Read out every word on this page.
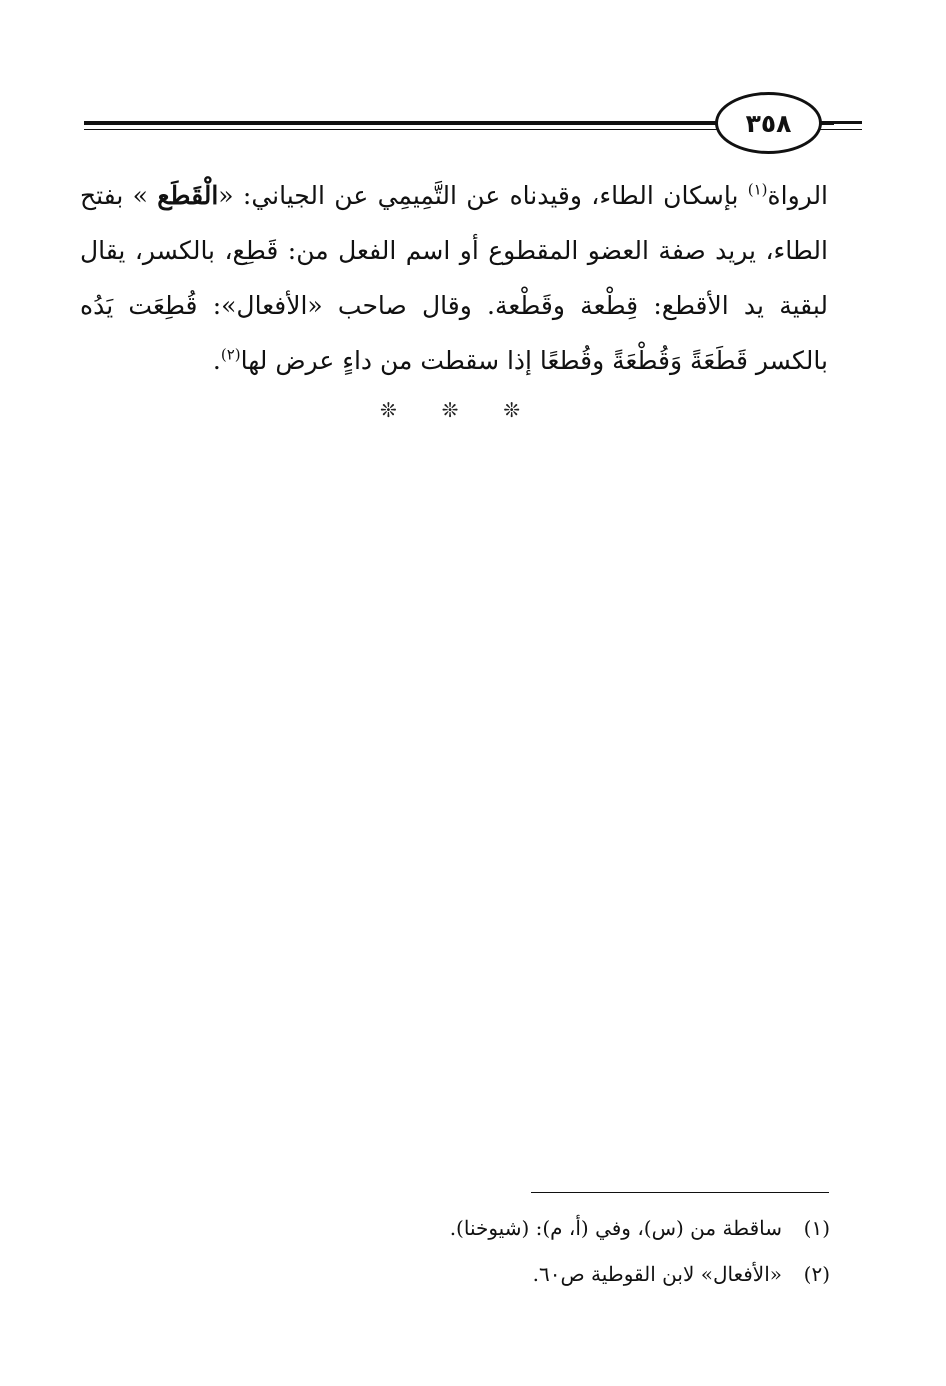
٣٥٨
الرواة$^{(١)}$ بإسكان الطاء، وقيدناه عن التَّمِيمِي عن الجياني: «الْقَطَع » بفتح
الطاء، يريد صفة العضو المقطوع أو اسم الفعل من: قَطِع، بالكسر، يقال
لبقية يد الأقطع: قِطْعة وقَطْعة. وقال صاحب «الأفعال»: قُطِعَت يَدُه
بالكسر قَطَعَةً وَقُطْعَةً وقُطعًا إذا سقطت من داءٍ عرض لها$^{(٢)}$.
❊ ❊ ❊
(١)ساقطة من (س)، وفي (أ، م): (شيوخنا).
(٢)«الأفعال» لابن القوطية ص٦٠.
